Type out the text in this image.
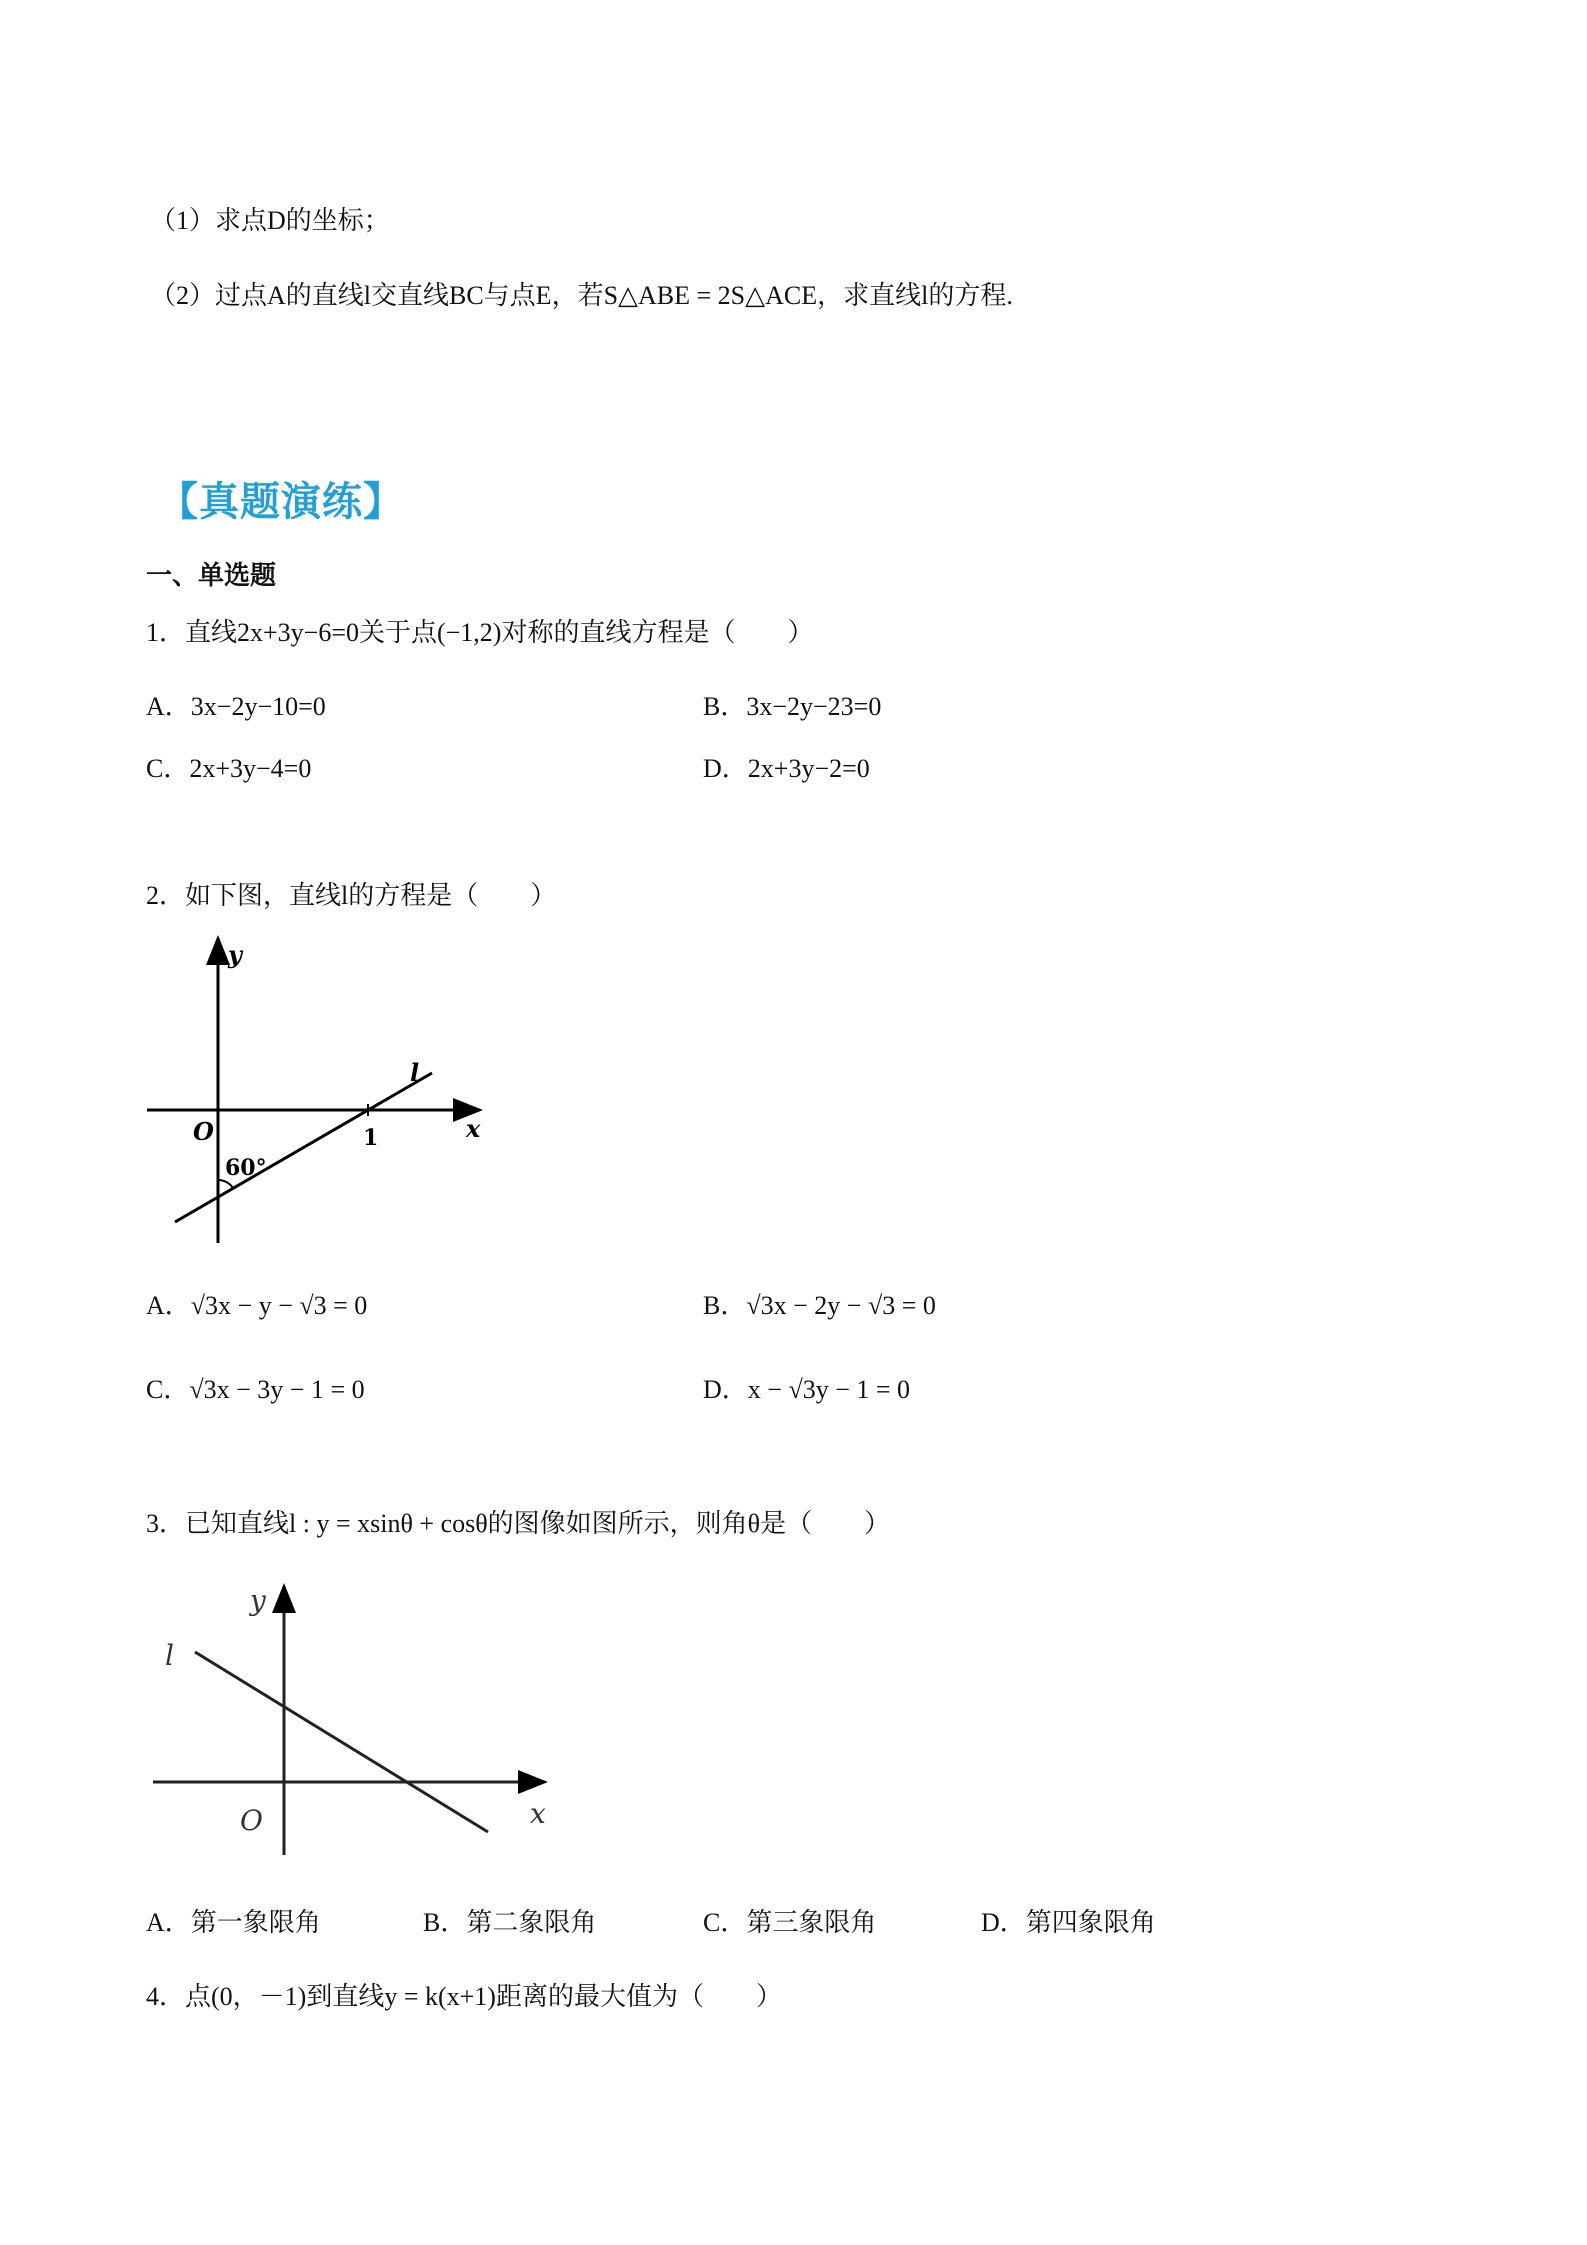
（1）求点D的坐标；
（2）过点A的直线l交直线BC与点E，若S△ABE = 2S△ACE，求直线l的方程.
【真题演练】
一、单选题
1．直线2x+3y−6=0关于点(−1,2)对称的直线方程是（　　）
A．3x−2y−10=0	B．3x−2y−23=0
C．2x+3y−4=0	D．2x+3y−2=0
2．如下图，直线l的方程是（　　）
y
x
O	1
l
60°
y
x
O
l
A．√3x − y − √3 = 0	B．√3x − 2y − √3 = 0
C．√3x − 3y − 1 = 0	D．x − √3y − 1 = 0
3．已知直线l : y = xsinθ + cosθ的图像如图所示，则角θ是（　　）
A．第一象限角	B．第二象限角	C．第三象限角	D．第四象限角
4．点(0，－1)到直线y = k(x+1)距离的最大值为（　　）
